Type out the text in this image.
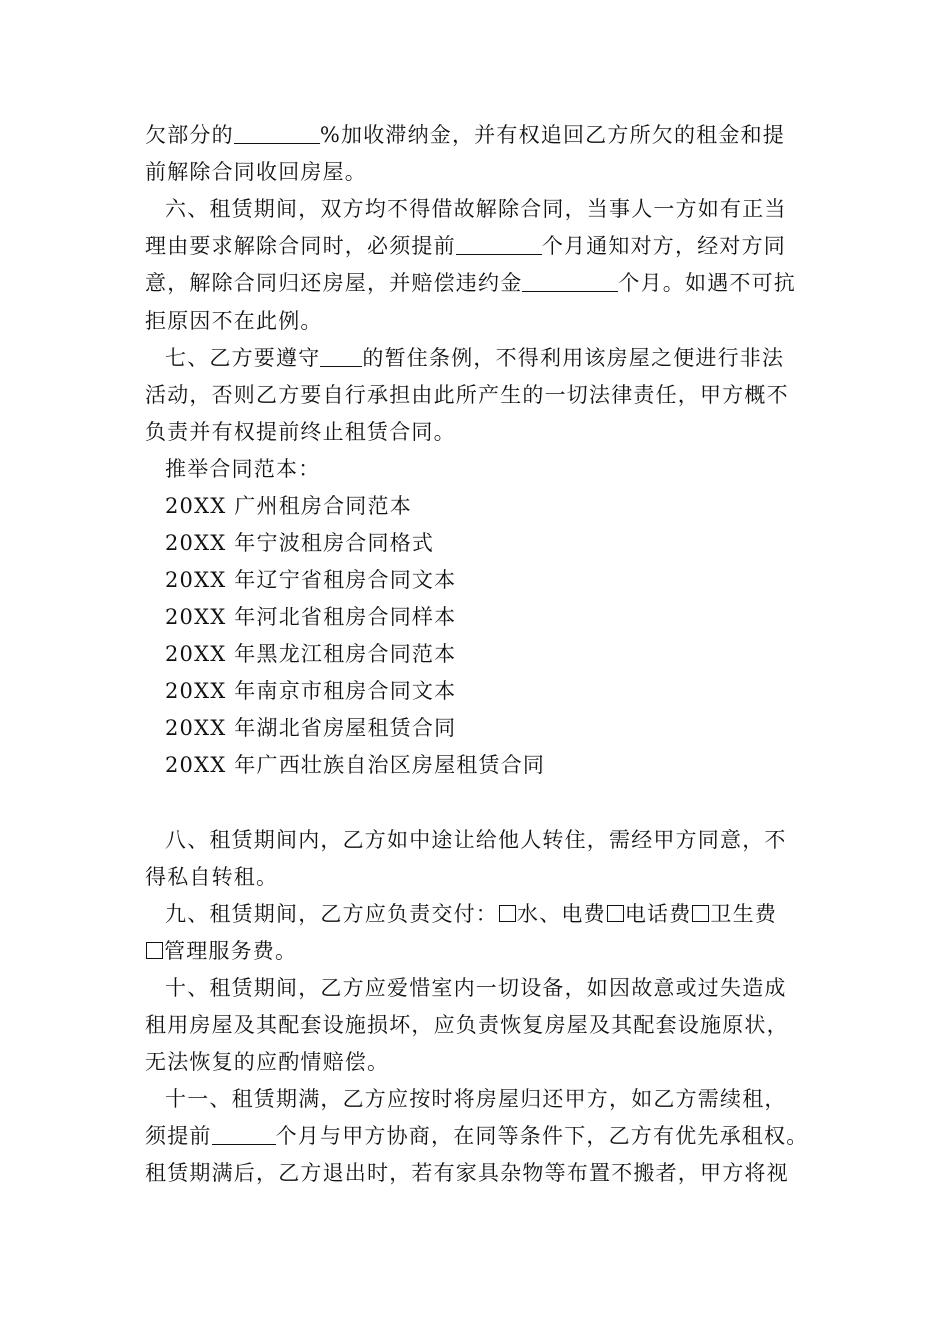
欠部分的	%加收滞纳金，并有权追回乙方所欠的租金和提
前解除合同收回房屋。
六、租赁期间，双方均不得借故解除合同，当事人一方如有正当
理由要求解除合同时，必须提前	个月通知对方，经对方同
意，解除合同归还房屋，并赔偿违约金	个月。如遇不可抗
拒原因不在此例。
七、乙方要遵守 的暂住条例，不得利用该房屋之便进行非法
活动，否则乙方要自行承担由此所产生的一切法律责任，甲方概不
负责并有权提前终止租赁合同。
推举合同范本：
20XX 广州租房合同范本
20XX 年宁波租房合同格式
20XX 年辽宁省租房合同文本
20XX 年河北省租房合同样本
20XX 年黑龙江租房合同范本
20XX 年南京市租房合同文本
20XX 年湖北省房屋租赁合同
20XX 年广西壮族自治区房屋租赁合同
八、租赁期间内，乙方如中途让给他人转住，需经甲方同意，不
得私自转租。
九、租赁期间，乙方应负责交付： 水、电费 电话费 卫生费
管理服务费。
十、租赁期间，乙方应爱惜室内一切设备，如因故意或过失造成
租用房屋及其配套设施损坏，应负责恢复房屋及其配套设施原状，
无法恢复的应酌情赔偿。
十一、租赁期满，乙方应按时将房屋归还甲方，如乙方需续租，
须提前	个月与甲方协商，在同等条件下，乙方有优先承租权。
租赁期满后，乙方退出时，若有家具杂物等布置不搬者，甲方将视
